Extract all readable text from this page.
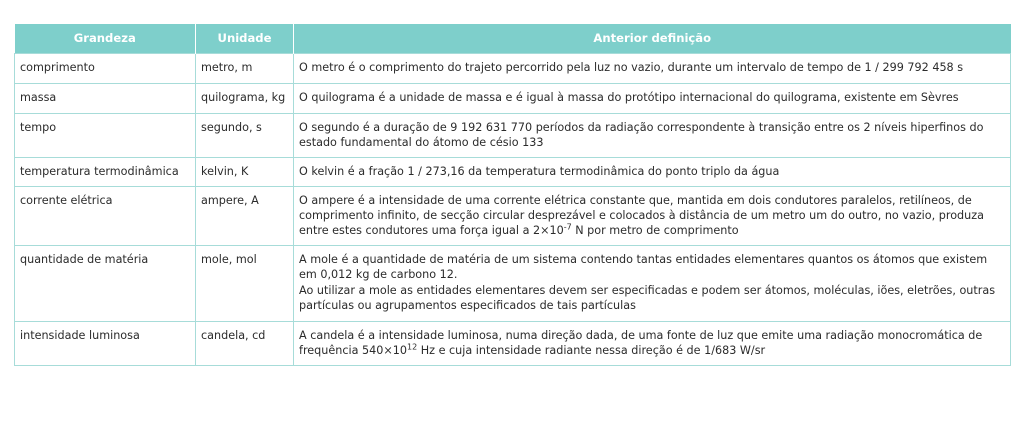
Grandeza	Unidade	Anterior definição
comprimento	metro, m	O metro é o comprimento do trajeto percorrido pela luz no vazio, durante um intervalo de tempo de 1 / 299 792 458 s
massa	quilograma, kg	O quilograma é a unidade de massa e é igual à massa do protótipo internacional do quilograma, existente em Sèvres
tempo	segundo, s	O segundo é a duração de 9 192 631 770 períodos da radiação correspondente à transição entre os 2 níveis hiperfinos do estado fundamental do átomo de césio 133
temperatura termodinâmica	kelvin, K	O kelvin é a fração 1 / 273,16 da temperatura termodinâmica do ponto triplo da água
corrente elétrica	ampere, A	O ampere é a intensidade de uma corrente elétrica constante que, mantida em dois condutores paralelos, retilíneos, de comprimento infinito, de secção circular desprezável e colocados à distância de um metro um do outro, no vazio, produza entre estes condutores uma força igual a $2\times 10^{-7}$ N por metro de comprimento
quantidade de matéria	mole, mol	A mole é a quantidade de matéria de um sistema contendo tantas entidades elementares quantos os átomos que existem em 0,012 kg de carbono 12.
Ao utilizar a mole as entidades elementares devem ser especificadas e podem ser átomos, moléculas, iões, eletrões, outras partículas ou agrupamentos especificados de tais partículas

intensidade luminosa	candela, cd	A candela é a intensidade luminosa, numa direção dada, de uma fonte de luz que emite uma radiação monocromática de frequência $540\times 10^{12}$ Hz e cuja intensidade radiante nessa direção é de 1/683 W/sr
